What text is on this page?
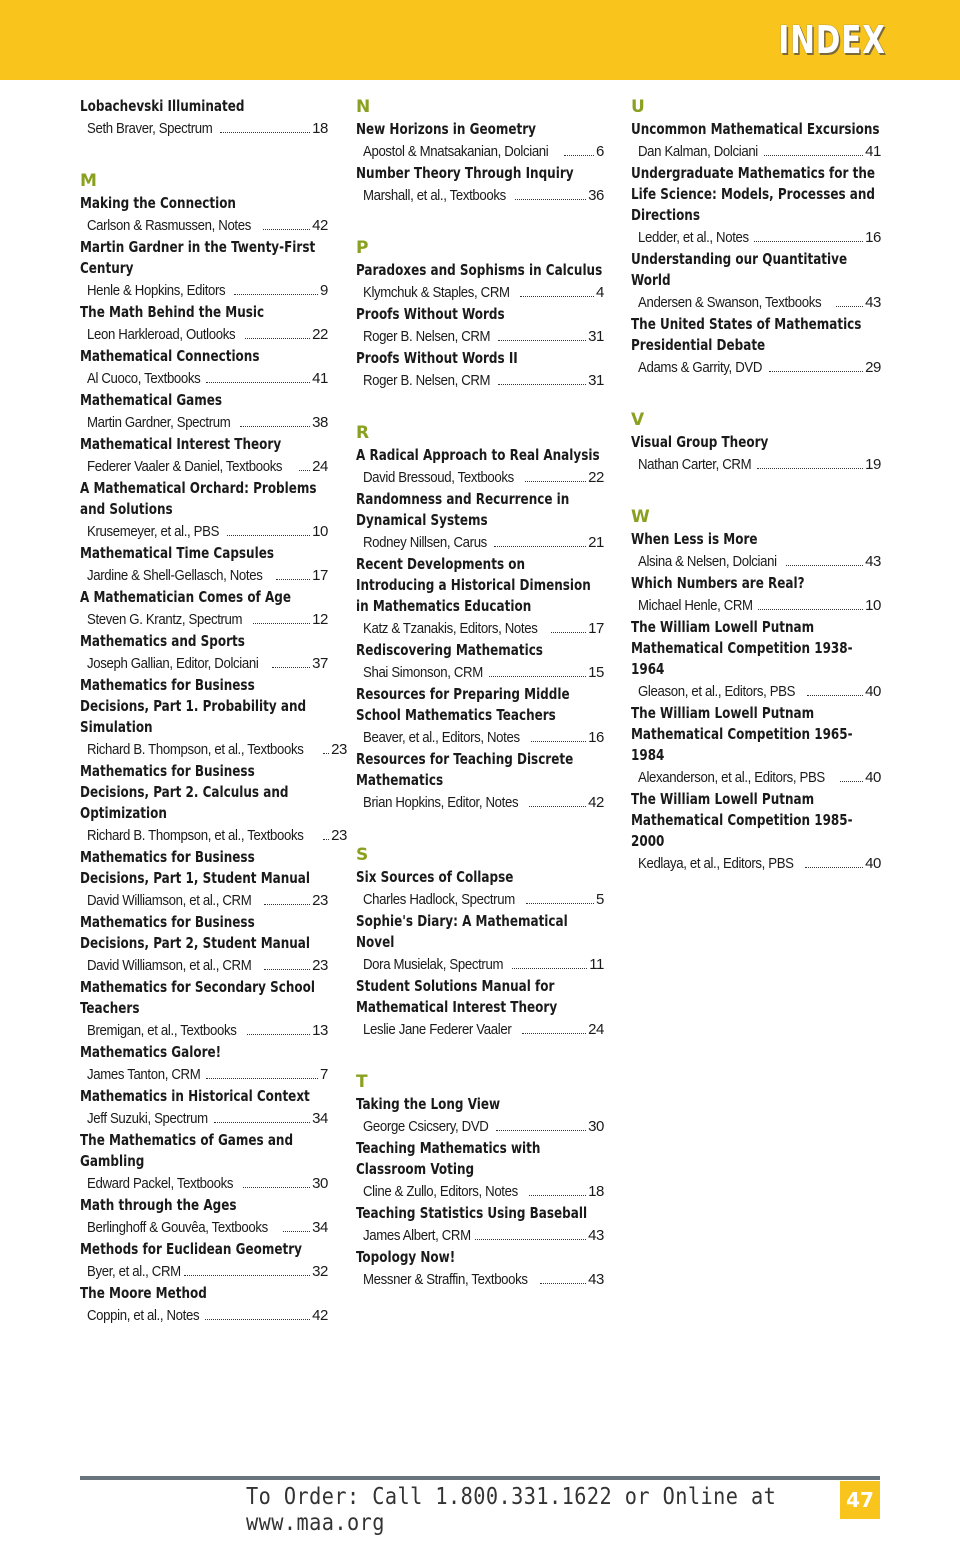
INDEX
Lobachevski Illuminated
Seth Braver, Spectrum	18
M
Making the Connection
Carlson & Rasmussen, Notes	42
Martin Gardner in the Twenty-First Century
Henle & Hopkins, Editors	9
The Math Behind the Music
Leon Harkleroad, Outlooks	22
Mathematical Connections
Al Cuoco, Textbooks	41
Mathematical Games
Martin Gardner, Spectrum	38
Mathematical Interest Theory
Federer Vaaler & Daniel, Textbooks 24
A Mathematical Orchard: Problems and Solutions
Krusemeyer, et al., PBS	10
Mathematical Time Capsules
Jardine & Shell-Gellasch, Notes	17
A Mathematician Comes of Age
Steven G. Krantz, Spectrum	12
Mathematics and Sports
Joseph Gallian, Editor, Dolciani	37
Mathematics for Business Decisions, Part 1. Probability and Simulation
Richard B. Thompson, et al., Textbooks 23
Mathematics for Business Decisions, Part 2. Calculus and Optimization
Richard B. Thompson, et al., Textbooks 23
Mathematics for Business Decisions, Part 1, Student Manual
David Williamson, et al., CRM	23
Mathematics for Business Decisions, Part 2, Student Manual
David Williamson, et al., CRM	23
Mathematics for Secondary School Teachers
Bremigan, et al., Textbooks	13
Mathematics Galore!
James Tanton, CRM	7
Mathematics in Historical Context
Jeff Suzuki, Spectrum	34
The Mathematics of Games and Gambling
Edward Packel, Textbooks	30
Math through the Ages
Berlinghoff & Gouvêa, Textbooks	34
Methods for Euclidean Geometry
Byer, et al., CRM	32
The Moore Method
Coppin, et al., Notes	42
N
New Horizons in Geometry
Apostol & Mnatsakanian, Dolciani	6
Number Theory Through Inquiry
Marshall, et al., Textbooks	36
P
Paradoxes and Sophisms in Calculus
Klymchuk & Staples, CRM	4
Proofs Without Words
Roger B. Nelsen, CRM	31
Proofs Without Words II
Roger B. Nelsen, CRM	31
R
A Radical Approach to Real Analysis
David Bressoud, Textbooks	22
Randomness and Recurrence in Dynamical Systems
Rodney Nillsen, Carus	21
Recent Developments on Introducing a Historical Dimension in Mathematics Education
Katz & Tzanakis, Editors, Notes	17
Rediscovering Mathematics
Shai Simonson, CRM	15
Resources for Preparing Middle School Mathematics Teachers
Beaver, et al., Editors, Notes	16
Resources for Teaching Discrete Mathematics
Brian Hopkins, Editor, Notes	42
S
Six Sources of Collapse
Charles Hadlock, Spectrum	5
Sophie's Diary: A Mathematical Novel
Dora Musielak, Spectrum	11
Student Solutions Manual for Mathematical Interest Theory
Leslie Jane Federer Vaaler	24
T
Taking the Long View
George Csicsery, DVD	30
Teaching Mathematics with Classroom Voting
Cline & Zullo, Editors, Notes	18
Teaching Statistics Using Baseball
James Albert, CRM	43
Topology Now!
Messner & Straffin, Textbooks	43
U
Uncommon Mathematical Excursions
Dan Kalman, Dolciani	41
Undergraduate Mathematics for the Life Science: Models, Processes and Directions
Ledder, et al., Notes	16
Understanding our Quantitative World
Andersen & Swanson, Textbooks	43
The United States of Mathematics Presidential Debate
Adams & Garrity, DVD	29
V
Visual Group Theory
Nathan Carter, CRM	19
W
When Less is More
Alsina & Nelsen, Dolciani	43
Which Numbers are Real?
Michael Henle, CRM	10
The William Lowell Putnam Mathematical Competition 1938-1964
Gleason, et al., Editors, PBS	40
The William Lowell Putnam Mathematical Competition 1965-1984
Alexanderson, et al., Editors, PBS	40
The William Lowell Putnam Mathematical Competition 1985-2000
Kedlaya, et al., Editors, PBS	40
To Order: Call 1.800.331.1622 or Online at www.maa.org
47
